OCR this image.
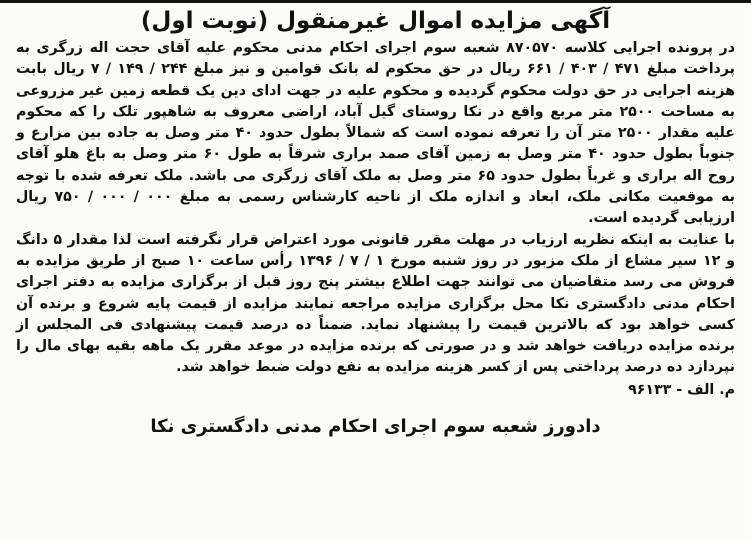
آگهی مزایده اموال غیرمنقول (نوبت اول)

در پرونده اجرایی کلاسه ۸۷۰۵۷۰ شعبه سوم اجرای احکام مدنی محکوم علیه آقای حجت اله زرگری به پرداخت مبلغ ۴۷۱ / ۴۰۳ / ۶۶۱ ریال در حق محکوم له بانک قوامین و نیز مبلغ ۲۴۴ / ۱۴۹ / ۷ ریال بابت هزینه اجرایی در حق دولت محکوم گردیده و محکوم علیه در جهت ادای دین یک قطعه زمین غیر مزروعی به مساحت ۲۵۰۰ متر مربع واقع در نکا روستای گیل آباد، اراضی معروف به شاهپور تلک را که محکوم علیه مقدار ۲۵۰۰ متر آن را تعرفه نموده است که شمالاً بطول حدود ۴۰ متر وصل به جاده بین مزارع و جنوباً بطول حدود ۴۰ متر وصل به زمین آقای صمد براری شرقاً به طول ۶۰ متر وصل به باغ هلو آقای روح اله براری و غرباً بطول حدود ۶۵ متر وصل به ملک آقای زرگری می باشد. ملک تعرفه شده با توجه به موقعیت مکانی ملک، ابعاد و اندازه ملک از ناحیه کارشناس رسمی به مبلغ ۰۰۰ / ۰۰۰ / ۷۵۰ ریال ارزیابی گردیده است.

با عنایت به اینکه نظریه ارزیاب در مهلت مقرر قانونی مورد اعتراض قرار نگرفته است لذا مقدار ۵ دانگ و ۱۲ سیر مشاع از ملک مزبور در روز شنبه مورخ ۱ / ۷ / ۱۳۹۶ رأس ساعت ۱۰ صبح از طریق مزایده به فروش می رسد متقاضیان می توانند جهت اطلاع بیشتر پنج روز قبل از برگزاری مزایده به دفتر اجرای احکام مدنی دادگستری نکا محل برگزاری مزایده مراجعه نمایند مزایده از قیمت پایه شروع و برنده آن کسی خواهد بود که بالاترین قیمت را پیشنهاد نماید. ضمناً ده درصد قیمت پیشنهادی فی المجلس از برنده مزایده دریافت خواهد شد و در صورتی که برنده مزایده در موعد مقرر یک ماهه بقیه بهای مال را نپردازد ده درصد پرداختی پس از کسر هزینه مزایده به نفع دولت ضبط خواهد شد.

م. الف - ۹۶۱۳۳
دادورز شعبه سوم اجرای احکام مدنی دادگستری نکا
